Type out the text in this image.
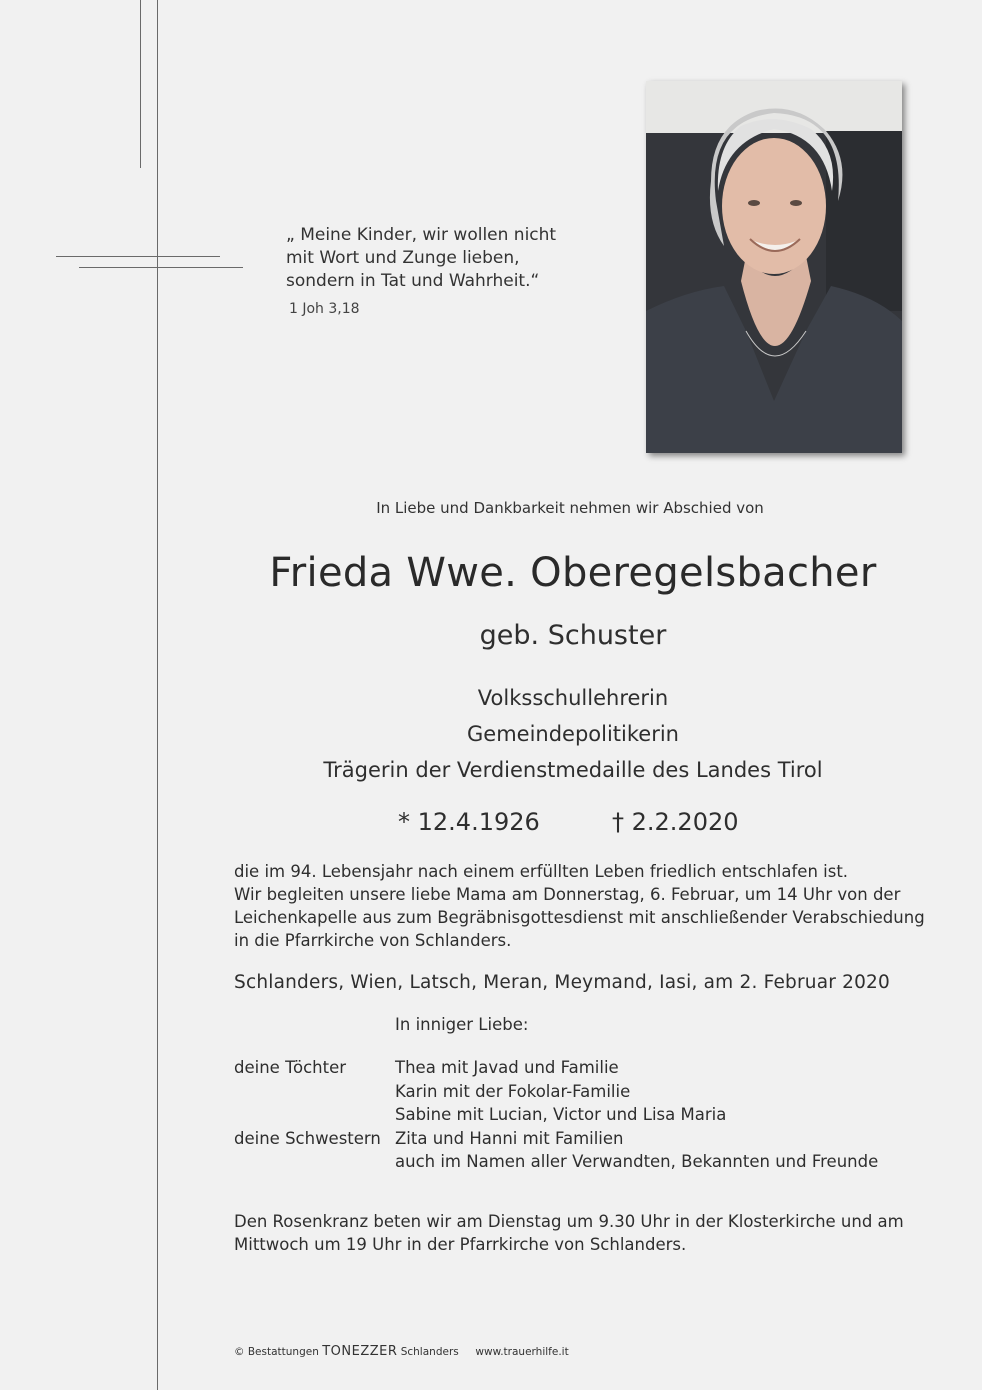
„ Meine Kinder, wir wollen nicht
mit Wort und Zunge lieben,
sondern in Tat und Wahrheit.“
1 Joh 3,18
In Liebe und Dankbarkeit nehmen wir Abschied von
Frieda Wwe. Oberegelsbacher
geb. Schuster
Volksschullehrerin
Gemeindepolitikerin
Trägerin der Verdienstmedaille des Landes Tirol
* 12.4.1926	† 2.2.2020
die im 94. Lebensjahr nach einem erfüllten Leben friedlich entschlafen ist.
Wir begleiten unsere liebe Mama am Donnerstag, 6. Februar, um 14 Uhr von der
Leichenkapelle aus zum Begräbnisgottesdienst mit anschließender Verabschiedung
in die Pfarrkirche von Schlanders.
Schlanders, Wien, Latsch, Meran, Meymand, Iasi, am 2. Februar 2020
In inniger Liebe:
deine Töchter	Thea mit Javad und Familie
Karin mit der Fokolar-Familie
Sabine mit Lucian, Victor und Lisa Maria
deine Schwestern Zita und Hanni mit Familien
auch im Namen aller Verwandten, Bekannten und Freunde
Den Rosenkranz beten wir am Dienstag um 9.30 Uhr in der Klosterkirche und am
Mittwoch um 19 Uhr in der Pfarrkirche von Schlanders.
© Bestattungen TONEZZER Schlanders www.trauerhilfe.it
